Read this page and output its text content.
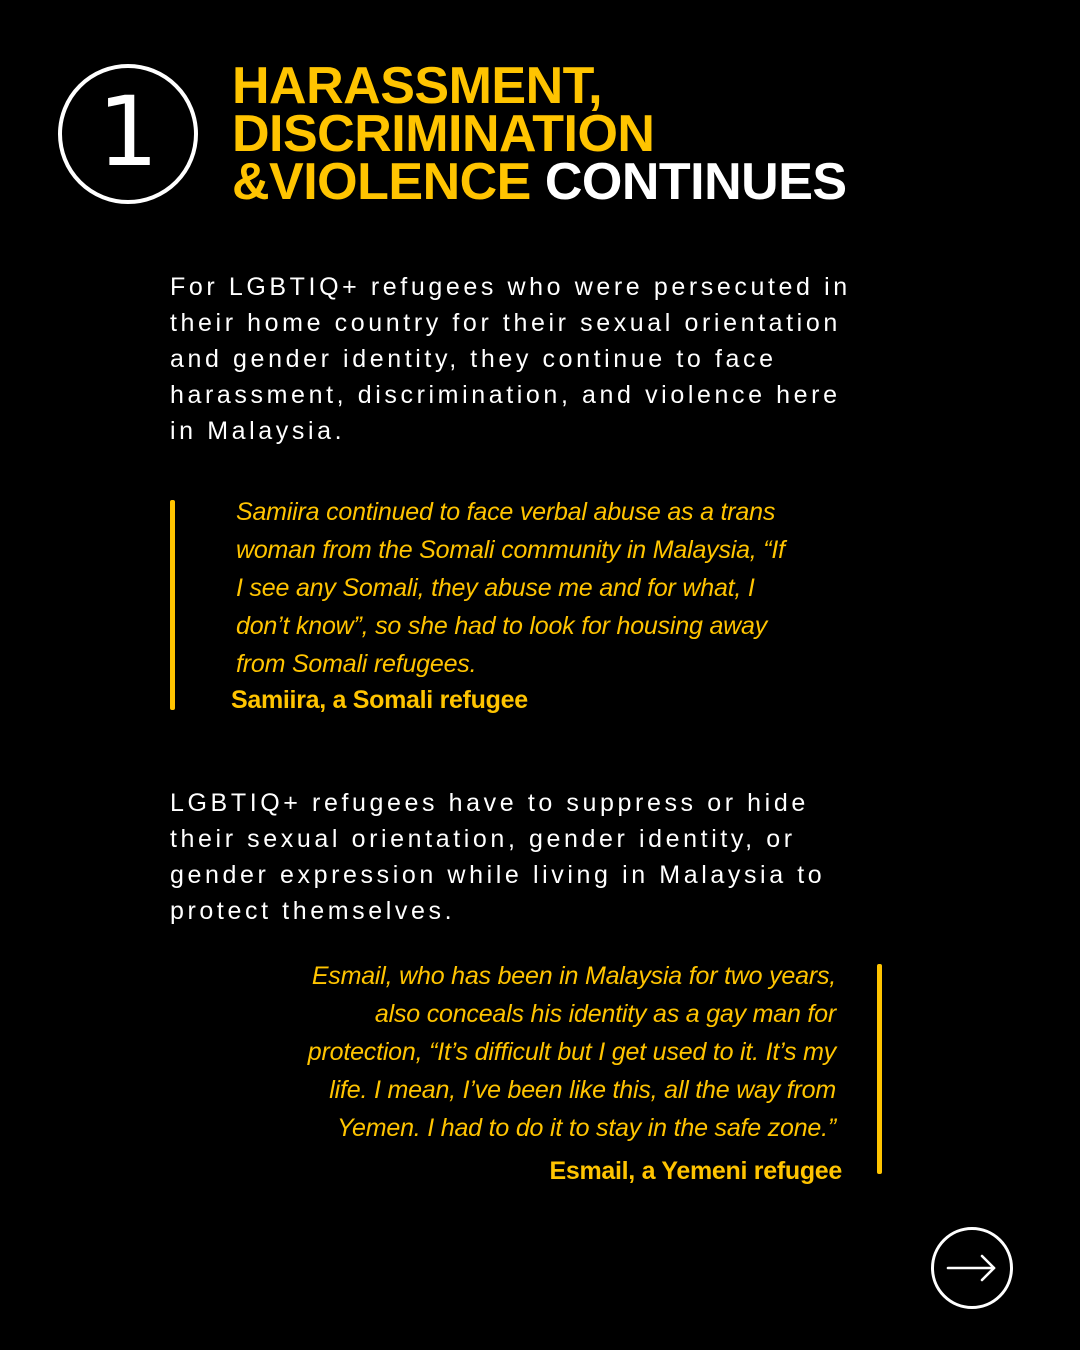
1 HARASSMENT,
DISCRIMINATION
&VIOLENCE CONTINUES

For LGBTIQ+ refugees who were persecuted in
their home country for their sexual orientation
and gender identity, they continue to face
harassment, discrimination, and violence here
in Malaysia.

Samiira continued to face verbal abuse as a trans
woman from the Somali community in Malaysia, “If
I see any Somali, they abuse me and for what, I
don’t know”, so she had to look for housing away
from Somali refugees.

Samiira, a Somali refugee

LGBTIQ+ refugees have to suppress or hide
their sexual orientation, gender identity, or
gender expression while living in Malaysia to
protect themselves.

Esmail, who has been in Malaysia for two years,
also conceals his identity as a gay man for
protection, “It’s difficult but I get used to it. It’s my
life. I mean, I’ve been like this, all the way from
Yemen. I had to do it to stay in the safe zone.”

Esmail, a Yemeni refugee
